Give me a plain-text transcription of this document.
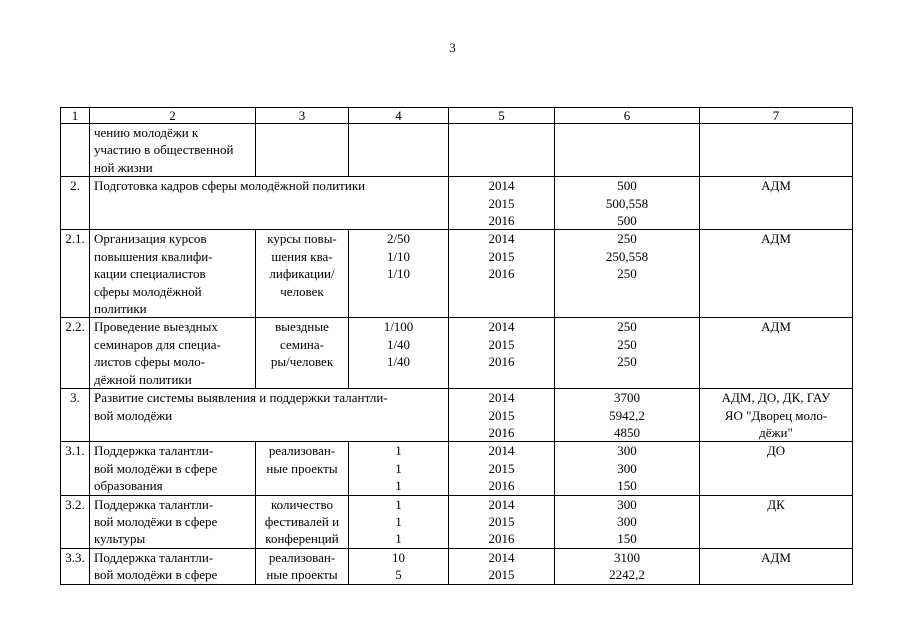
3
1	2	3	4	5	6	7

	чению молодёжи к
участию в общественной
ной жизни					

2.	Подготовка кадров сферы молодёжной политики			2014
2015
2016	500
500,558
500	АДМ
2.1.	Организация курсов
повышения квалифи-
кации специалистов
сферы молодёжной
политики	курсы повы-
шения ква-
лификации/
человек	2/50
1/10
1/10	2014
2015
2016	250
250,558
250	АДМ
2.2.	Проведение выездных
семинаров для специа-
листов сферы моло-
дёжной политики	выездные
семина-
ры/человек	1/100
1/40
1/40	2014
2015
2016	250
250
250	АДМ
3.	Развитие системы выявления и поддержки талантли-
вой молодёжи			2014
2015
2016	3700
5942,2
4850	АДМ, ДО, ДК, ГАУ
ЯО "Дворец моло-
дёжи"

3.1.	Поддержка талантли-
вой молодёжи в сфере
образования	реализован-
ные проекты	1
1
1	2014
2015
2016	300
300
150	ДО
3.2.	Поддержка талантли-
вой молодёжи в сфере
культуры	количество
фестивалей и
конференций	1
1
1	2014
2015
2016	300
300
150	ДК
3.3.	Поддержка талантли-
вой молодёжи в сфере	реализован-
ные проекты	10
5	2014
2015	3100
2242,2	АДМ
